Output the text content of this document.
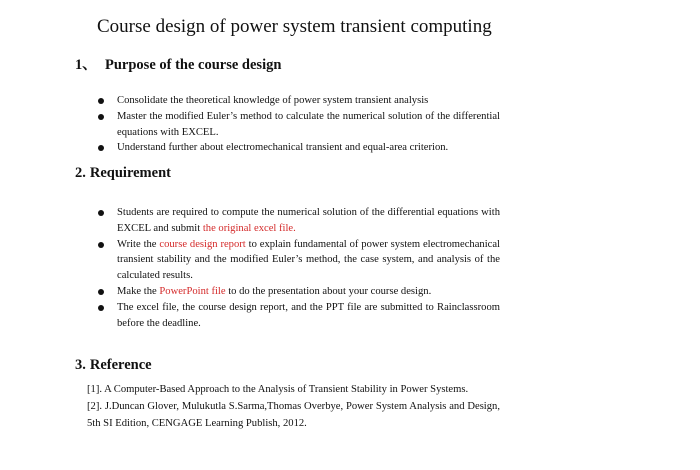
Course design of power system transient computing
1、 Purpose of the course design
Consolidate the theoretical knowledge of power system transient analysis
Master the modified Euler’s method to calculate the numerical solution of the differential equations with EXCEL.
Understand further about electromechanical transient and equal-area criterion.
2. Requirement
Students are required to compute the numerical solution of the differential equations with EXCEL and submit the original excel file.
Write the course design report to explain fundamental of power system electromechanical transient stability and the modified Euler’s method, the case system, and analysis of the calculated results.
Make the PowerPoint file to do the presentation about your course design.
The excel file, the course design report, and the PPT file are submitted to Rainclassroom before the deadline.
3. Reference

[1]. A Computer-Based Approach to the Analysis of Transient Stability in Power Systems.

[2]. J.Duncan Glover, Mulukutla S.Sarma,Thomas Overbye, Power System Analysis and Design, 5th SI Edition, CENGAGE Learning Publish, 2012.
